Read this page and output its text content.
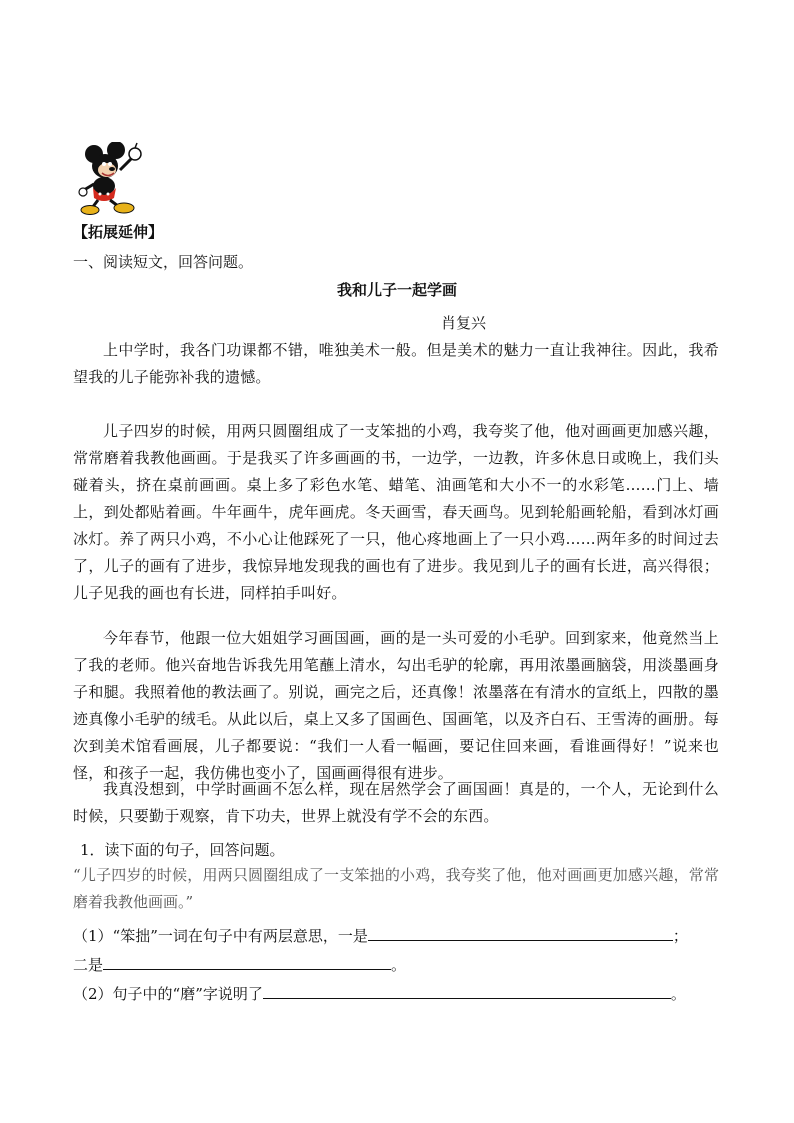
【拓展延伸】
一、阅读短文，回答问题。
我和儿子一起学画
肖复兴
上中学时，我各门功课都不错，唯独美术一般。但是美术的魅力一直让我神往。因此，我希望我的儿子能弥补我的遗憾。
儿子四岁的时候，用两只圆圈组成了一支笨拙的小鸡，我夸奖了他，他对画画更加感兴趣，常常磨着我教他画画。于是我买了许多画画的书，一边学，一边教，许多休息日或晚上，我们头碰着头，挤在桌前画画。桌上多了彩色水笔、蜡笔、油画笔和大小不一的水彩笔……门上、墙上，到处都贴着画。牛年画牛，虎年画虎。冬天画雪，春天画鸟。见到轮船画轮船，看到冰灯画冰灯。养了两只小鸡，不小心让他踩死了一只，他心疼地画上了一只小鸡……两年多的时间过去了，儿子的画有了进步，我惊异地发现我的画也有了进步。我见到儿子的画有长进，高兴得很；儿子见我的画也有长进，同样拍手叫好。
今年春节，他跟一位大姐姐学习画国画，画的是一头可爱的小毛驴。回到家来，他竟然当上了我的老师。他兴奋地告诉我先用笔蘸上清水，勾出毛驴的轮廓，再用浓墨画脑袋，用淡墨画身子和腿。我照着他的教法画了。别说，画完之后，还真像！浓墨落在有清水的宣纸上，四散的墨迹真像小毛驴的绒毛。从此以后，桌上又多了国画色、国画笔，以及齐白石、王雪涛的画册。每次到美术馆看画展，儿子都要说：“我们一人看一幅画，要记住回来画，看谁画得好！”说来也怪，和孩子一起，我仿佛也变小了，国画画得很有进步。
我真没想到，中学时画画不怎么样，现在居然学会了画国画！真是的，一个人，无论到什么时候，只要勤于观察，肯下功夫，世界上就没有学不会的东西。
1．读下面的句子，回答问题。
“儿子四岁的时候，用两只圆圈组成了一支笨拙的小鸡，我夸奖了他，他对画画更加感兴趣，常常磨着我教他画画。”
（1）“笨拙”一词在句子中有两层意思，一是	；
二是	。
（2）句子中的“磨”字说明了	。
